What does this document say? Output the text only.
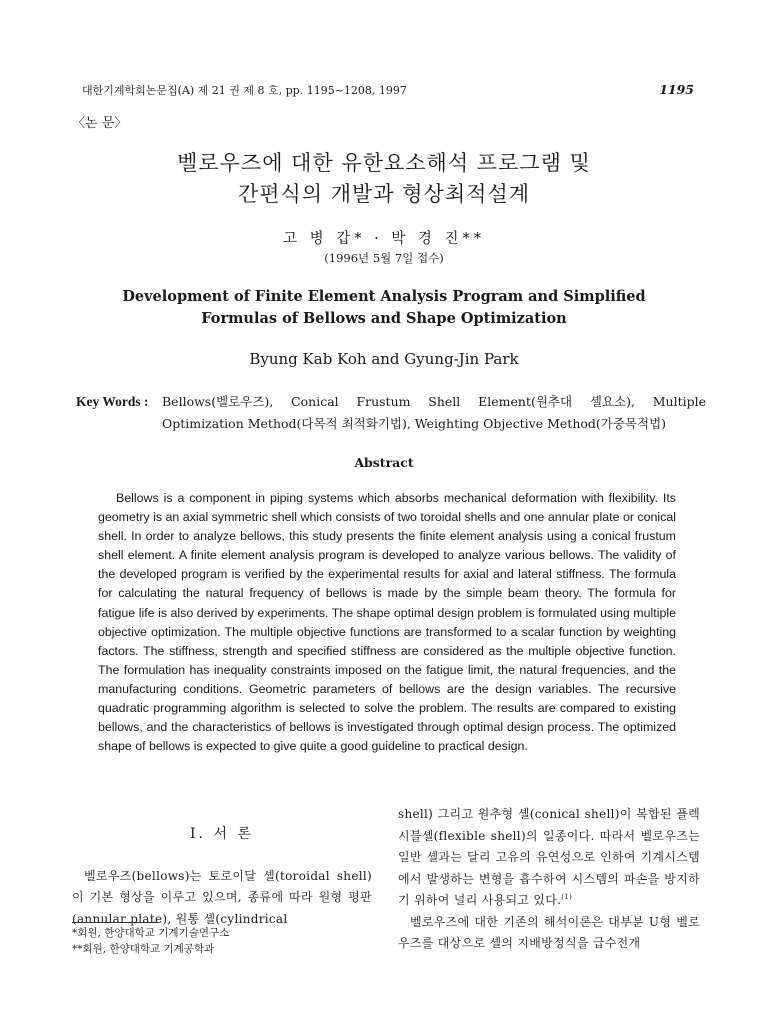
대한기계학회논문집(A) 제 21 권 제 8 호, pp. 1195~1208, 1997	1195
〈논 문〉
벨로우즈에 대한 유한요소해석 프로그램 및
간편식의 개발과 형상최적설계
고 병 갑* · 박 경 진**
(1996년 5월 7일 접수)
Development of Finite Element Analysis Program and Simplified
Formulas of Bellows and Shape Optimization
Byung Kab Koh and Gyung-Jin Park
Key Words :	Bellows(벨로우즈), Conical Frustum Shell Element(원추대 셸요소), Multiple Optimization Method(다목적 최적화기법), Weighting Objective Method(가중목적법)
Abstract

Bellows is a component in piping systems which absorbs mechanical deformation with flexibility. Its geometry is an axial symmetric shell which consists of two toroidal shells and one annular plate or conical shell. In order to analyze bellows, this study presents the finite element analysis using a conical frustum shell element. A finite element analysis program is developed to analyze various bellows. The validity of the developed program is verified by the experimental results for axial and lateral stiffness. The formula for calculating the natural frequency of bellows is made by the simple beam theory. The formula for fatigue life is also derived by experiments. The shape optimal design problem is formulated using multiple objective optimization. The multiple objective functions are transformed to a scalar function by weighting factors. The stiffness, strength and specified stiffness are considered as the multiple objective function. The formulation has inequality constraints imposed on the fatigue limit, the natural frequencies, and the manufacturing conditions. Geometric parameters of bellows are the design variables. The recursive quadratic programming algorithm is selected to solve the problem. The results are compared to existing bellows, and the characteristics of bellows is investigated through optimal design process. The optimized shape of bellows is expected to give quite a good guideline to practical design.

I. 서 론

벨로우즈(bellows)는 토로이달 셸(toroidal shell)이 기본 형상을 이루고 있으며, 종류에 따라 원형 평판(annular plate), 원통 셸(cylindrical

*회원, 한양대학교 기계기술연구소
**회원, 한양대학교 기계공학과

shell) 그리고 원추형 셸(conical shell)이 복합된 플렉시블셸(flexible shell)의 일종이다. 따라서 벨로우즈는 일반 셸과는 달리 고유의 유연성으로 인하여 기계시스템에서 발생하는 변형을 흡수하여 시스템의 파손을 방지하기 위하여 널리 사용되고 있다.$^{(1)}$

벨로우즈에 대한 기존의 해석이론은 대부분 U형 벨로우즈를 대상으로 셸의 지배방정식을 급수전개
